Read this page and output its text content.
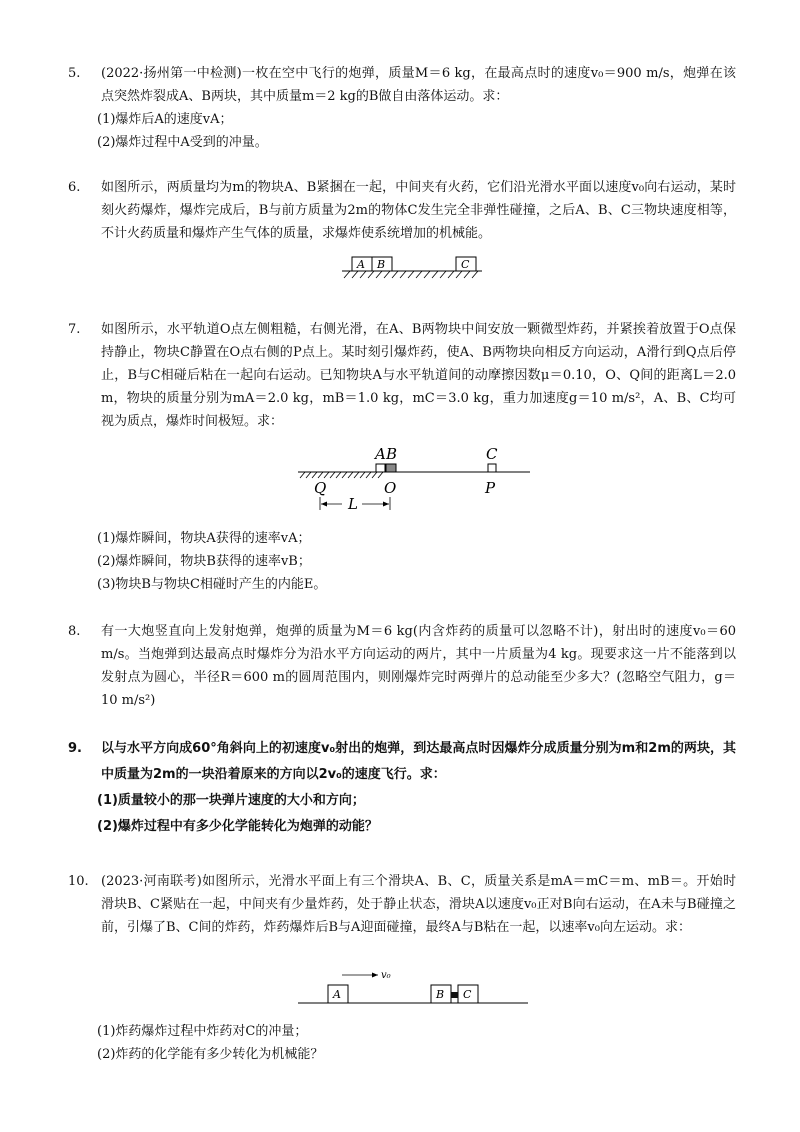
5. (2022·扬州第一中检测)一枚在空中飞行的炮弹，质量M＝6 kg，在最高点时的速度v₀＝900 m/s，炮弹在该点突然炸裂成A、B两块，其中质量m＝2 kg的B做自由落体运动。求：
(1)爆炸后A的速度vA；
(2)爆炸过程中A受到的冲量。
6. 如图所示，两质量均为m的物块A、B紧捆在一起，中间夹有火药，它们沿光滑水平面以速度v₀向右运动，某时刻火药爆炸，爆炸完成后，B与前方质量为2m的物体C发生完全非弹性碰撞，之后A、B、C三物块速度相等，不计火药质量和爆炸产生气体的质量，求爆炸使系统增加的机械能。
A B	C
7. 如图所示，水平轨道O点左侧粗糙，右侧光滑，在A、B两物块中间安放一颗微型炸药，并紧挨着放置于O点保持静止，物块C静置在O点右侧的P点上。某时刻引爆炸药，使A、B两物块向相反方向运动，A滑行到Q点后停止，B与C相碰后粘在一起向右运动。已知物块A与水平轨道间的动摩擦因数μ＝0.10，O、Q间的距离L＝2.0 m，物块的质量分别为mA＝2.0 kg，mB＝1.0 kg，mC＝3.0 kg，重力加速度g＝10 m/s²，A、B、C均可视为质点，爆炸时间极短。求：
A B	C
Q	O	P
L
(1)爆炸瞬间，物块A获得的速率vA；
(2)爆炸瞬间，物块B获得的速率vB；
(3)物块B与物块C相碰时产生的内能E。
8. 有一大炮竖直向上发射炮弹，炮弹的质量为M＝6 kg(内含炸药的质量可以忽略不计)，射出时的速度v₀＝60 m/s。当炮弹到达最高点时爆炸分为沿水平方向运动的两片，其中一片质量为4 kg。现要求这一片不能落到以发射点为圆心，半径R＝600 m的圆周范围内，则刚爆炸完时两弹片的总动能至少多大？(忽略空气阻力，g＝10 m/s²)
9. 以与水平方向成60°角斜向上的初速度v₀射出的炮弹，到达最高点时因爆炸分成质量分别为m和2m的两块，其中质量为2m的一块沿着原来的方向以2v₀的速度飞行。求：
(1)质量较小的那一块弹片速度的大小和方向；
(2)爆炸过程中有多少化学能转化为炮弹的动能？
10. (2023·河南联考)如图所示，光滑水平面上有三个滑块A、B、C，质量关系是mA＝mC＝m、mB＝。开始时滑块B、C紧贴在一起，中间夹有少量炸药，处于静止状态，滑块A以速度v₀正对B向右运动，在A未与B碰撞之前，引爆了B、C间的炸药，炸药爆炸后B与A迎面碰撞，最终A与B粘在一起，以速率v₀向左运动。求：
v₀
A	B C
(1)炸药爆炸过程中炸药对C的冲量；
(2)炸药的化学能有多少转化为机械能？
